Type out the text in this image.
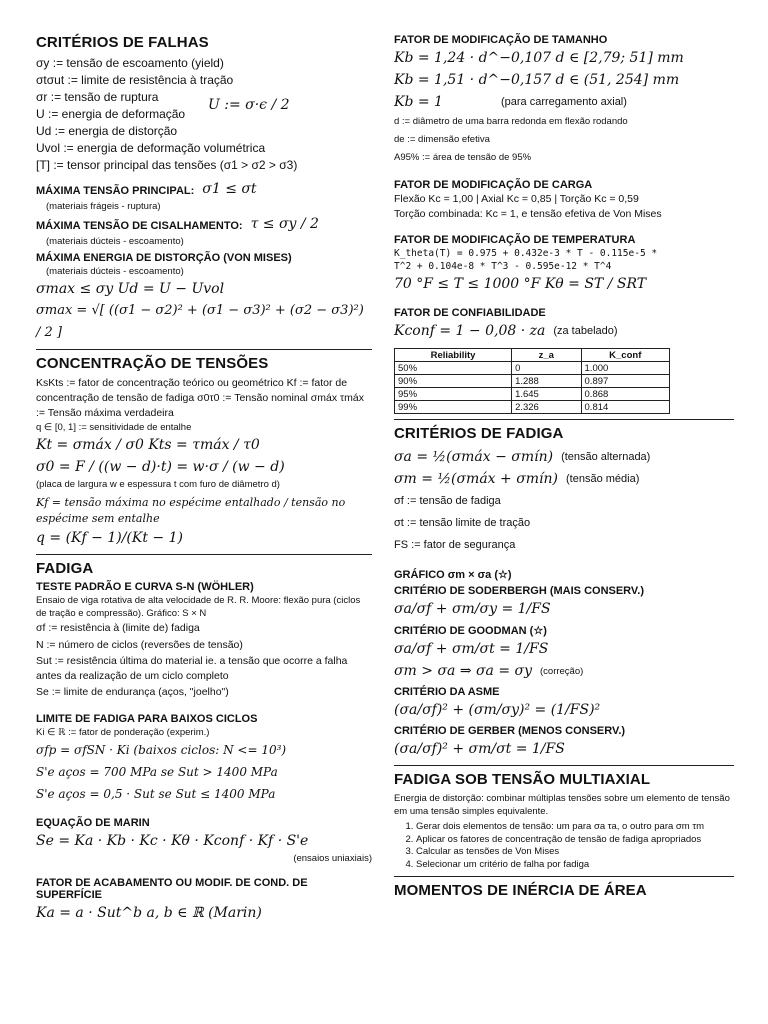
CRITÉRIOS DE FALHAS
σy := tensão de escoamento (yield)
σtσut := limite de resistência à tração
σr := tensão de ruptura
U := energia de deformação
Ud := energia de distorção
Uvol := energia de deformação volumétrica
[T] := tensor principal das tensões (σ1 > σ2 > σ3)
U := σ·ϵ / 2
MÁXIMA TENSÃO PRINCIPAL: σ1 ≤ σt
(materiais frágeis - ruptura)
MÁXIMA TENSÃO DE CISALHAMENTO: τ ≤ σy / 2
(materiais dúcteis - escoamento)
MÁXIMA ENERGIA DE DISTORÇÃO (VON MISES)
(materiais dúcteis - escoamento)
σmax ≤ σy Ud = U − Uvol
σmax = √[ ((σ1 − σ2)² + (σ1 − σ3)² + (σ2 − σ3)²) / 2 ]
CONCENTRAÇÃO DE TENSÕES
KsKts := fator de concentração teórico ou geométrico Kf := fator de concentração de tensão de fadiga σ0τ0 := Tensão nominal σmáx τmáx := Tensão máxima verdadeira
q ∈ [0, 1] := sensitividade de entalhe
Kt = σmáx / σ0 Kts = τmáx / τ0
σ0 = F / ((w − d)·t) = w·σ / (w − d)
(placa de largura w e espessura t com furo de diâmetro d)
Kf = tensão máxima no espécime entalhado / tensão no espécime sem entalhe
q = (Kf − 1)/(Kt − 1)
FADIGA
TESTE PADRÃO E CURVA S-N (WÖHLER)
Ensaio de viga rotativa de alta velocidade de R. R. Moore: flexão pura (ciclos de tração e compressão). Gráfico: S × N
σf := resistência à (limite de) fadiga
N := número de ciclos (reversões de tensão)
Sut := resistência última do material ie. a tensão que ocorre a falha antes da realização de um ciclo completo
Se := limite de endurança (aços, "joelho")
LIMITE DE FADIGA PARA BAIXOS CICLOS
Ki ∈ ℝ := fator de ponderação (experim.)
σfp = σfSN · Ki (baixos ciclos: N <= 10³)
S'e aços = 700 MPa se Sut > 1400 MPa
S'e aços = 0,5 · Sut se Sut ≤ 1400 MPa
EQUAÇÃO DE MARIN
Se = Ka · Kb · Kc · Kθ · Kconf · Kf · S'e
(ensaios uniaxiais)
FATOR DE ACABAMENTO OU MODIF. DE COND. DE SUPERFÍCIE
Ka = a · Sut^b a, b ∈ ℝ (Marin)
FATOR DE MODIFICAÇÃO DE TAMANHO
Kb = 1,24 · d^−0,107 d ∈ [2,79; 51] mm
Kb = 1,51 · d^−0,157 d ∈ (51, 254] mm
Kb = 1	(para carregamento axial)
d := diâmetro de uma barra redonda em flexão rodando
de := dimensão efetiva
A95% := área de tensão de 95%
FATOR DE MODIFICAÇÃO DE CARGA
Flexão Kc = 1,00 | Axial Kc = 0,85 | Torção Kc = 0,59
Torção combinada: Kc = 1, e tensão efetiva de Von Mises
FATOR DE MODIFICAÇÃO DE TEMPERATURA
K_theta(T) = 0.975 + 0.432e-3 * T - 0.115e-5 *
T^2 + 0.104e-8 * T^3 - 0.595e-12 * T^4
70 °F ≤ T ≤ 1000 °F Kθ = ST / SRT
FATOR DE CONFIABILIDADE
Kconf = 1 − 0,08 · za (za tabelado)
Reliability	z_a	K_conf
50%	0	1.000
90%	1.288	0.897
95%	1.645	0.868
99%	2.326	0.814
CRITÉRIOS DE FADIGA
σa = ½(σmáx − σmín) (tensão alternada)
σm = ½(σmáx + σmín) (tensão média)
σf := tensão de fadiga
σt := tensão limite de tração
FS := fator de segurança
GRÁFICO σm × σa (☆)
CRITÉRIO DE SODERBERGH (MAIS CONSERV.)
σa/σf + σm/σy = 1/FS
CRITÉRIO DE GOODMAN (☆)
σa/σf + σm/σt = 1/FS
σm > σa ⇒ σa = σy (correção)
CRITÉRIO DA ASME
(σa/σf)² + (σm/σy)² = (1/FS)²
CRITÉRIO DE GERBER (MENOS CONSERV.)
(σa/σf)² + σm/σt = 1/FS
FADIGA SOB TENSÃO MULTIAXIAL
Energia de distorção: combinar múltiplas tensões sobre um elemento de tensão em uma tensão simples equivalente.
1. Gerar dois elementos de tensão: um para σa τa, o outro para σm τm
2. Aplicar os fatores de concentração de tensão de fadiga apropriados
3. Calcular as tensões de Von Mises
4. Selecionar um critério de falha por fadiga
MOMENTOS DE INÉRCIA DE ÁREA
